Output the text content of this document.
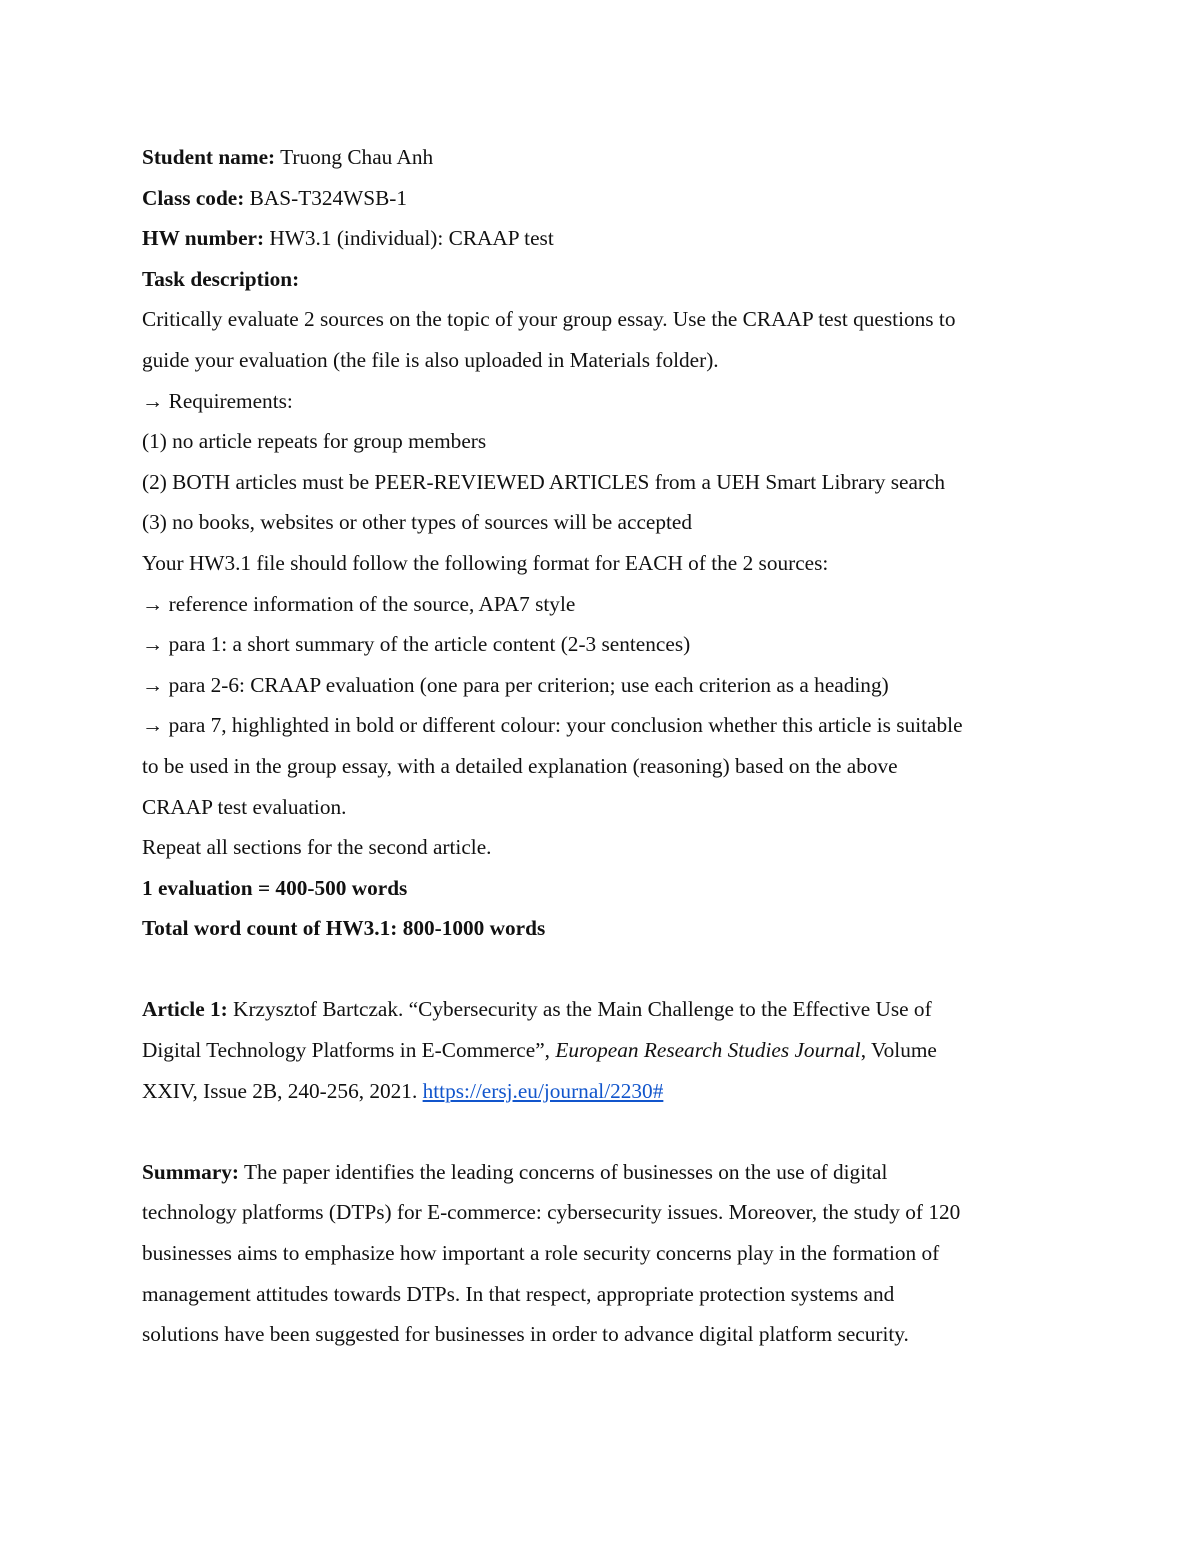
Student name: Truong Chau Anh
Class code: BAS-T324WSB-1
HW number: HW3.1 (individual): CRAAP test
Task description:
Critically evaluate 2 sources on the topic of your group essay. Use the CRAAP test questions to
guide your evaluation (the file is also uploaded in Materials folder).
→ Requirements:
(1) no article repeats for group members
(2) BOTH articles must be PEER-REVIEWED ARTICLES from a UEH Smart Library search
(3) no books, websites or other types of sources will be accepted
Your HW3.1 file should follow the following format for EACH of the 2 sources:
→ reference information of the source, APA7 style
→ para 1: a short summary of the article content (2-3 sentences)
→ para 2-6: CRAAP evaluation (one para per criterion; use each criterion as a heading)
→ para 7, highlighted in bold or different colour: your conclusion whether this article is suitable
to be used in the group essay, with a detailed explanation (reasoning) based on the above
CRAAP test evaluation.
Repeat all sections for the second article.
1 evaluation = 400-500 words
Total word count of HW3.1: 800-1000 words
Article 1: Krzysztof Bartczak. “Cybersecurity as the Main Challenge to the Effective Use of
Digital Technology Platforms in E-Commerce”, European Research Studies Journal, Volume
XXIV, Issue 2B, 240-256, 2021. https://ersj.eu/journal/2230#
Summary: The paper identifies the leading concerns of businesses on the use of digital
technology platforms (DTPs) for E-commerce: cybersecurity issues. Moreover, the study of 120
businesses aims to emphasize how important a role security concerns play in the formation of
management attitudes towards DTPs. In that respect, appropriate protection systems and
solutions have been suggested for businesses in order to advance digital platform security.
